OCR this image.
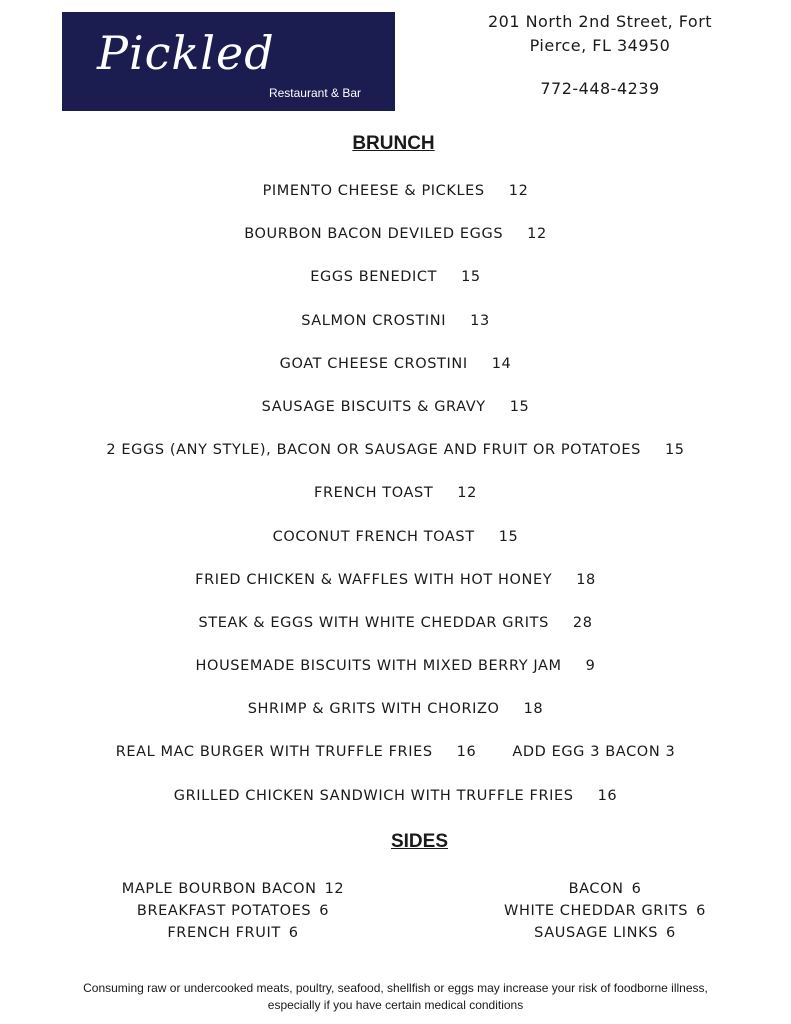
Pickled
Restaurant & Bar
201 North 2nd Street, Fort
Pierce, FL 34950
772-448-4239
BRUNCH
PIMENTO CHEESE & PICKLES 12
BOURBON BACON DEVILED EGGS 12
EGGS BENEDICT 15
SALMON CROSTINI 13
GOAT CHEESE CROSTINI 14
SAUSAGE BISCUITS & GRAVY 15
2 EGGS (ANY STYLE), BACON OR SAUSAGE AND FRUIT OR POTATOES 15
FRENCH TOAST 12
COCONUT FRENCH TOAST 15
FRIED CHICKEN & WAFFLES WITH HOT HONEY 18
STEAK & EGGS WITH WHITE CHEDDAR GRITS 28
HOUSEMADE BISCUITS WITH MIXED BERRY JAM 9
SHRIMP & GRITS WITH CHORIZO 18
REAL MAC BURGER WITH TRUFFLE FRIES 16 ADD EGG 3 BACON 3
GRILLED CHICKEN SANDWICH WITH TRUFFLE FRIES 16
SIDES
MAPLE BOURBON BACON 12
BREAKFAST POTATOES 6
FRENCH FRUIT 6
BACON 6
WHITE CHEDDAR GRITS 6
SAUSAGE LINKS 6
Consuming raw or undercooked meats, poultry, seafood, shellfish or eggs may increase your risk of foodborne illness,
especially if you have certain medical conditions
